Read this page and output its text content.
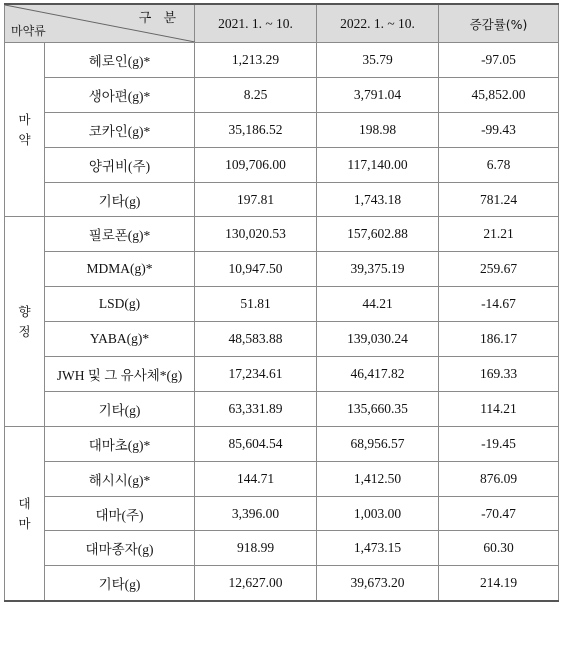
구 분
마약류		2021. 1. ~ 10.	2022. 1. ~ 10.	증감률(%)

마
약	헤로인(g)*	1,213.29	35.79	-97.05
	생아편(g)*	8.25	3,791.04	45,852.00
	코카인(g)*	35,186.52	198.98	-99.43
	양귀비(주)	109,706.00	117,140.00	6.78
	기타(g)	197.81	1,743.18	781.24

향
정	필로폰(g)*	130,020.53	157,602.88	21.21
	MDMA(g)*	10,947.50	39,375.19	259.67
	LSD(g)	51.81	44.21	-14.67
	YABA(g)*	48,583.88	139,030.24	186.17
	JWH 및 그 유사체*(g)	17,234.61	46,417.82	169.33
	기타(g)	63,331.89	135,660.35	114.21

대
마	대마초(g)*	85,604.54	68,956.57	-19.45
	해시시(g)*	144.71	1,412.50	876.09
	대마(주)	3,396.00	1,003.00	-70.47
	대마종자(g)	918.99	1,473.15	60.30
	기타(g)	12,627.00	39,673.20	214.19
